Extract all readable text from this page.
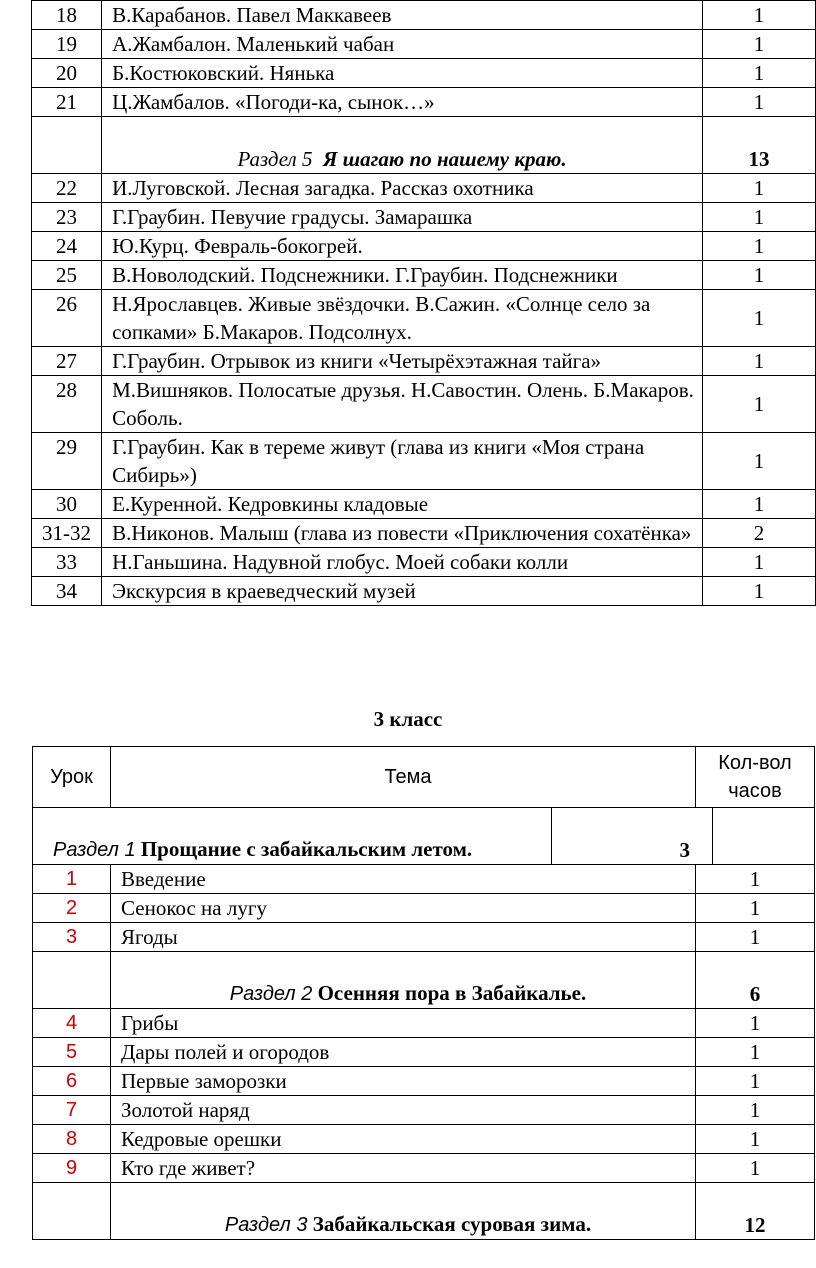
18	В.Карабанов. Павел Маккавеев	1
19	А.Жамбалон. Маленький чабан	1
20	Б.Костюковский. Нянька	1
21	Ц.Жамбалов. «Погоди-ка, сынок…»	1
	Раздел 5 Я шагаю по нашему краю.	13
22	И.Луговской. Лесная загадка. Рассказ охотника	1
23	Г.Граубин. Певучие градусы. Замарашка	1
24	Ю.Курц. Февраль-бокогрей.	1
25	В.Новолодский. Подснежники. Г.Граубин. Подснежники	1
26	Н.Ярославцев. Живые звёздочки. В.Сажин. «Солнце село за сопками» Б.Макаров. Подсолнух.	1
27	Г.Граубин. Отрывок из книги «Четырёхэтажная тайга»	1
28	М.Вишняков. Полосатые друзья. Н.Савостин. Олень. Б.Макаров. Соболь.	1
29	Г.Граубин. Как в тереме живут (глава из книги «Моя страна Сибирь»)	1
30	Е.Куренной. Кедровкины кладовые	1
31-32	В.Никонов. Малыш (глава из повести «Приключения сохатёнка»	2
33	Н.Ганьшина. Надувной глобус. Моей собаки колли	1
34	Экскурсия в краеведческий музей	1
3 класс
Урок	Тема	Кол-вол часов

Раздел 1 Прощание с забайкальским летом. 3		

1	Введение	1
2	Сенокос на лугу	1
3	Ягоды	1
	Раздел 2 Осенняя пора в Забайкалье.	6
4	Грибы	1
5	Дары полей и огородов	1
6	Первые заморозки	1
7	Золотой наряд	1
8	Кедровые орешки	1
9	Кто где живет?	1
	Раздел 3 Забайкальская суровая зима.	12
